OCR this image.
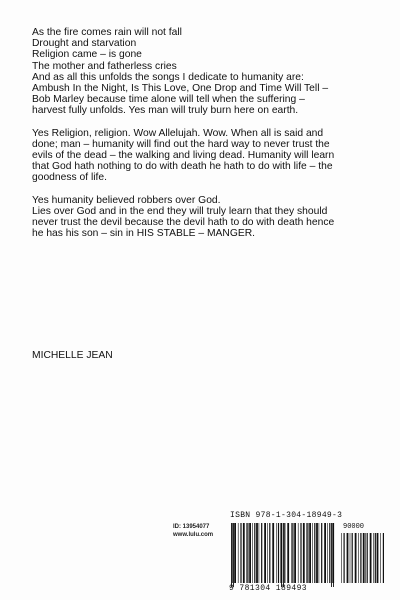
As the fire comes rain will not fall
Drought and starvation
Religion came – is gone
The mother and fatherless cries
And as all this unfolds the songs I dedicate to humanity are:
Ambush In the Night, Is This Love, One Drop and Time Will Tell –
Bob Marley because time alone will tell when the suffering –
harvest fully unfolds. Yes man will truly burn here on earth.
Yes Religion, religion. Wow Allelujah. Wow. When all is said and
done; man – humanity will find out the hard way to never trust the
evils of the dead – the walking and living dead. Humanity will learn
that God hath nothing to do with death he hath to do with life – the
goodness of life.
Yes humanity believed robbers over God.
Lies over God and in the end they will truly learn that they should
never trust the devil because the devil hath to do with death hence
he has his son – sin in HIS STABLE – MANGER.

MICHELLE JEAN

ID: 13954077
www.lulu.com
ISBN 978-1-304-18949-3
90000
9 781304 189493
